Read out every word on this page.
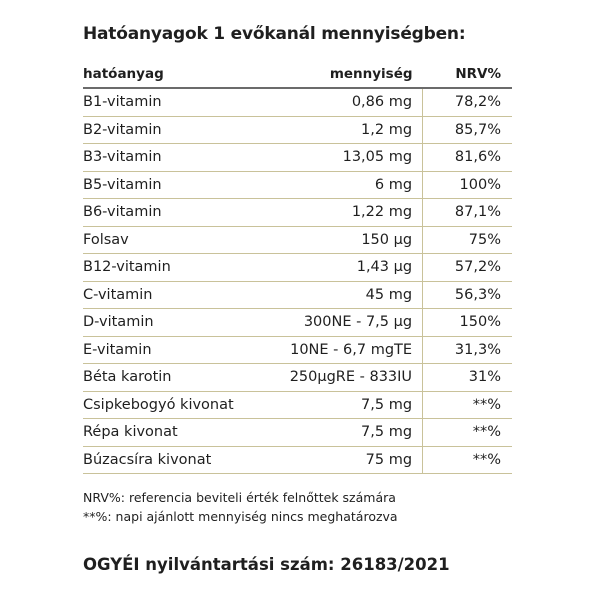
Hatóanyagok 1 evőkanál mennyiségben:
hatóanyag	mennyiség	NRV%
B1-vitamin	0,86 mg	78,2%
B2-vitamin	1,2 mg	85,7%
B3-vitamin	13,05 mg	81,6%
B5-vitamin	6 mg	100%
B6-vitamin	1,22 mg	87,1%
Folsav	150 µg	75%
B12-vitamin	1,43 µg	57,2%
C-vitamin	45 mg	56,3%
D-vitamin	300NE - 7,5 µg	150%
E-vitamin	10NE - 6,7 mgTE	31,3%
Béta karotin	250µgRE - 833IU	31%
Csipkebogyó kivonat	7,5 mg	**%
Répa kivonat	7,5 mg	**%
Búzacsíra kivonat	75 mg	**%
NRV%: referencia beviteli érték felnőttek számára
**%: napi ajánlott mennyiség nincs meghatározva
OGYÉI nyilvántartási szám: 26183/2021
